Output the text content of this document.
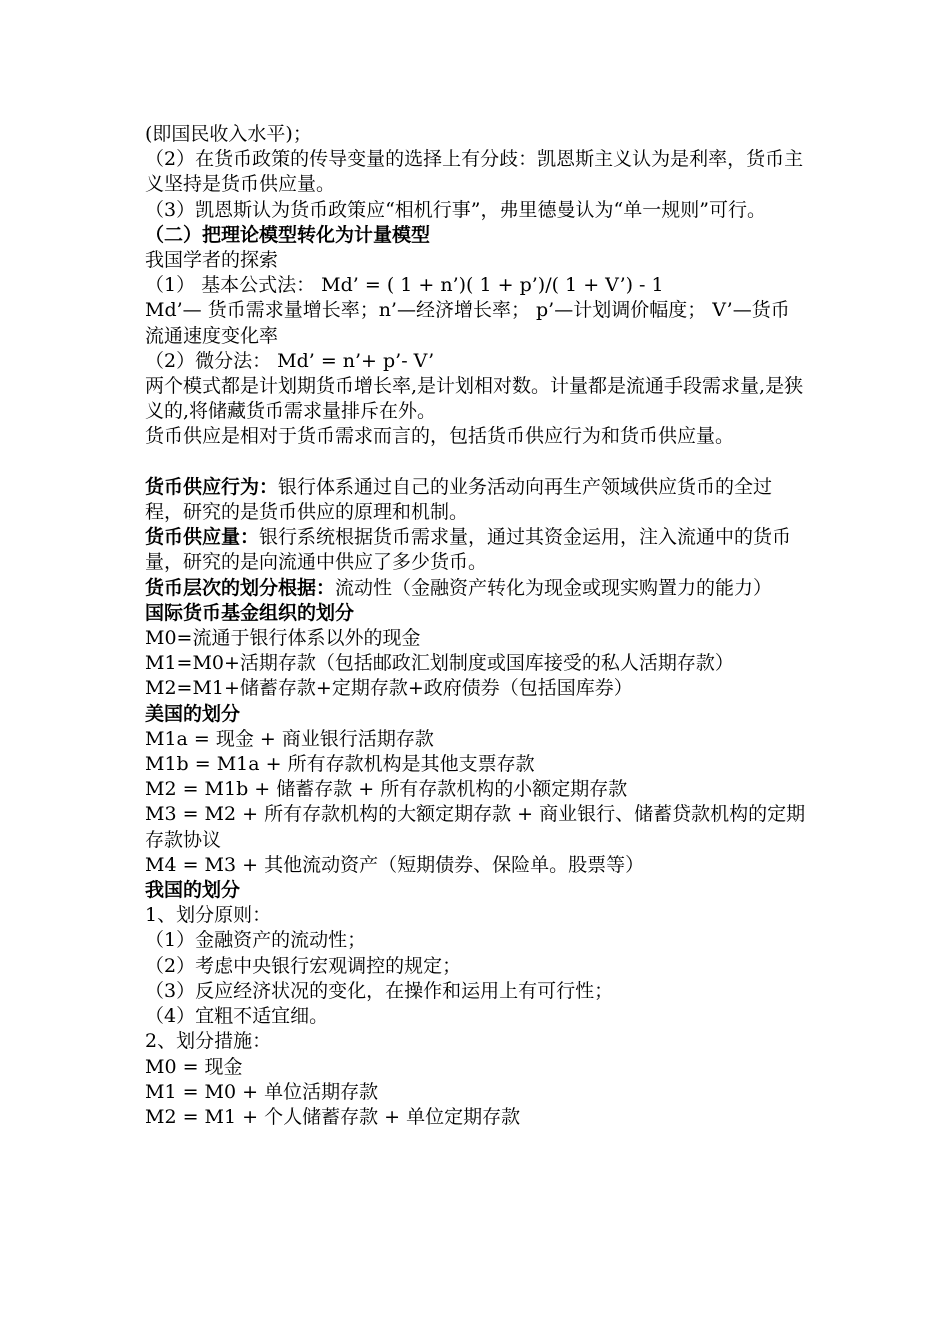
(即国民收入水平)；

（2）在货币政策的传导变量的选择上有分歧：凯恩斯主义认为是利率，货币主义坚持是货币供应量。

（3）凯恩斯认为货币政策应“相机行事”，弗里德曼认为“单一规则”可行。

（二）把理论模型转化为计量模型

我国学者的探索

（1） 基本公式法： Md’ = ( 1 + n’)( 1 + p’)/( 1 + V’) - 1

Md’— 货币需求量增长率；n’—经济增长率； p’—计划调价幅度； V’—货币流通速度变化率

（2）微分法： Md’ = n’+ p’- V’

两个模式都是计划期货币增长率,是计划相对数。计量都是流通手段需求量,是狭义的,将储藏货币需求量排斥在外。

货币供应是相对于货币需求而言的，包括货币供应行为和货币供应量。

货币供应行为：银行体系通过自己的业务活动向再生产领域供应货币的全过程，研究的是货币供应的原理和机制。

货币供应量：银行系统根据货币需求量，通过其资金运用，注入流通中的货币量，研究的是向流通中供应了多少货币。

货币层次的划分根据：流动性（金融资产转化为现金或现实购置力的能力）

国际货币基金组织的划分

M0=流通于银行体系以外的现金

M1=M0+活期存款（包括邮政汇划制度或国库接受的私人活期存款）

M2=M1+储蓄存款+定期存款+政府债券（包括国库券）

美国的划分

M1a = 现金 + 商业银行活期存款

M1b = M1a + 所有存款机构是其他支票存款

M2 = M1b + 储蓄存款 + 所有存款机构的小额定期存款

M3 = M2 + 所有存款机构的大额定期存款 + 商业银行、储蓄贷款机构的定期存款协议

M4 = M3 + 其他流动资产（短期债券、保险单。股票等）

我国的划分

1、划分原则：

（1）金融资产的流动性；

（2）考虑中央银行宏观调控的规定；

（3）反应经济状况的变化，在操作和运用上有可行性；

（4）宜粗不适宜细。

2、划分措施：

M0 = 现金

M1 = M0 + 单位活期存款

M2 = M1 + 个人储蓄存款 + 单位定期存款
